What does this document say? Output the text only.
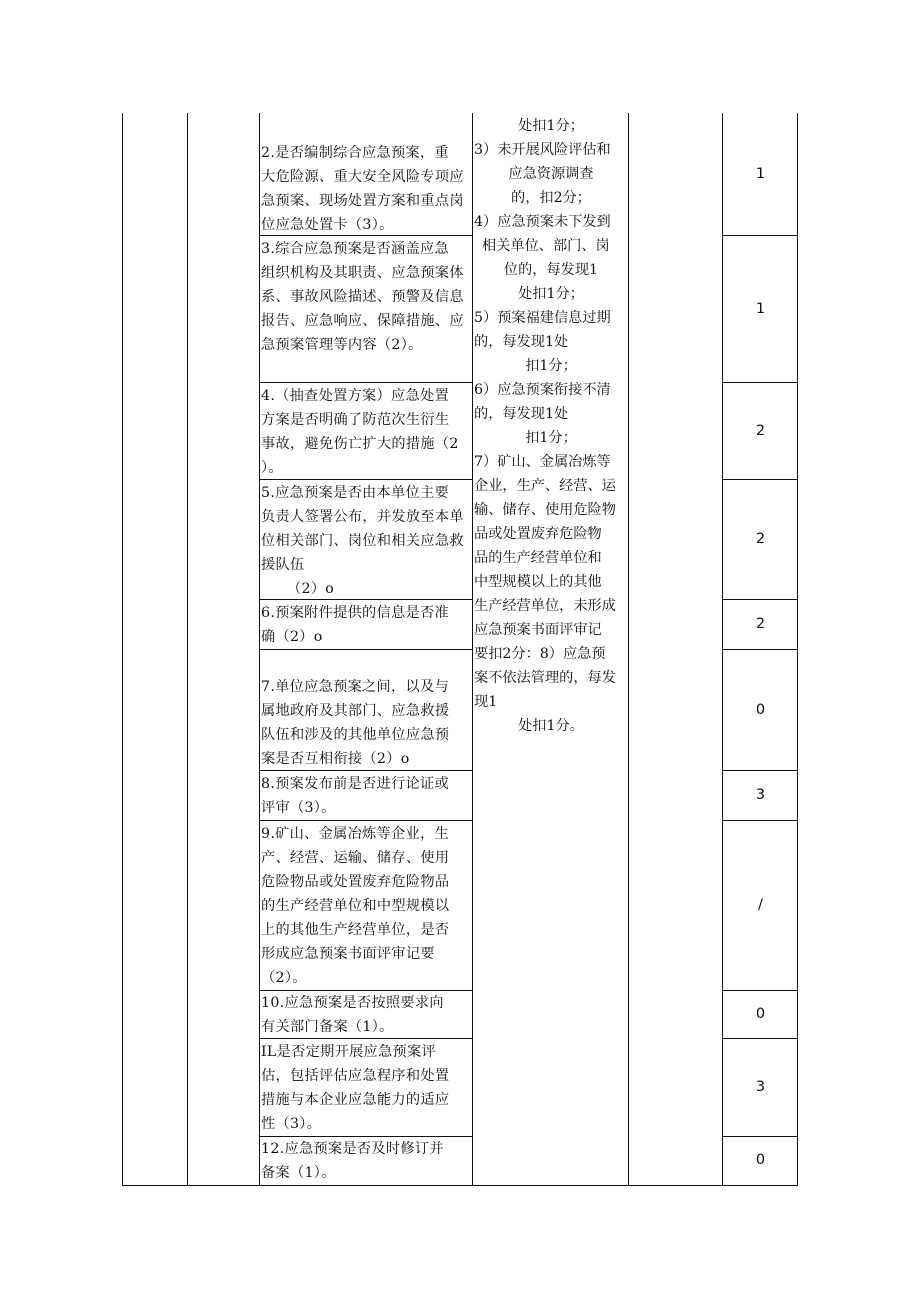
2.是否编制综合应急预案，重

大危险源、重大安全风险专项应

急预案、现场处置方案和重点岗

位应急处置卡（3）。

3.综合应急预案是否涵盖应急

组织机构及其职责、应急预案体

系、事故风险描述、预警及信息

报告、应急响应、保障措施、应

急预案管理等内容（2）。

4.（抽查处置方案）应急处置

方案是否明确了防范次生衍生

事故，避免伤亡扩大的措施（2

）。

5.应急预案是否由本单位主要

负责人签署公布，并发放至本单

位相关部门、岗位和相关应急救

援队伍

（2）o

6.预案附件提供的信息是否准

确（2）o

7.单位应急预案之间，以及与

属地政府及其部门、应急救援

队伍和涉及的其他单位应急预

案是否互相衔接（2）o

8.预案发布前是否进行论证或

评审（3）。

9.矿山、金属冶炼等企业，生

产、经营、运输、储存、使用

危险物品或处置废弃危险物品

的生产经营单位和中型规模以

上的其他生产经营单位，是否

形成应急预案书面评审记要

（2）。

10.应急预案是否按照要求向

有关部门备案（1）。

IL是否定期开展应急预案评

估，包括评估应急程序和处置

措施与本企业应急能力的适应

性（3）。

12.应急预案是否及时修订并

备案（1）。

处扣1分；

3）未开展风险评估和

应急资源调查

的，扣2分；

4）应急预案未下发到

相关单位、部门、岗

位的，每发现1

处扣1分；

5）预案福建信息过期

的，每发现1处

扣1分；

6）应急预案衔接不清

的，每发现1处

扣1分；

7）矿山、金属冶炼等

企业，生产、经营、运

输、储存、使用危险物

品或处置废弃危险物

品的生产经营单位和

中型规模以上的其他

生产经营单位，未形成

应急预案书面评审记

要扣2分：8）应急预

案不依法管理的，每发

现1

处扣1分。

1
1
2
2
2
0
3
/
0
3
0
